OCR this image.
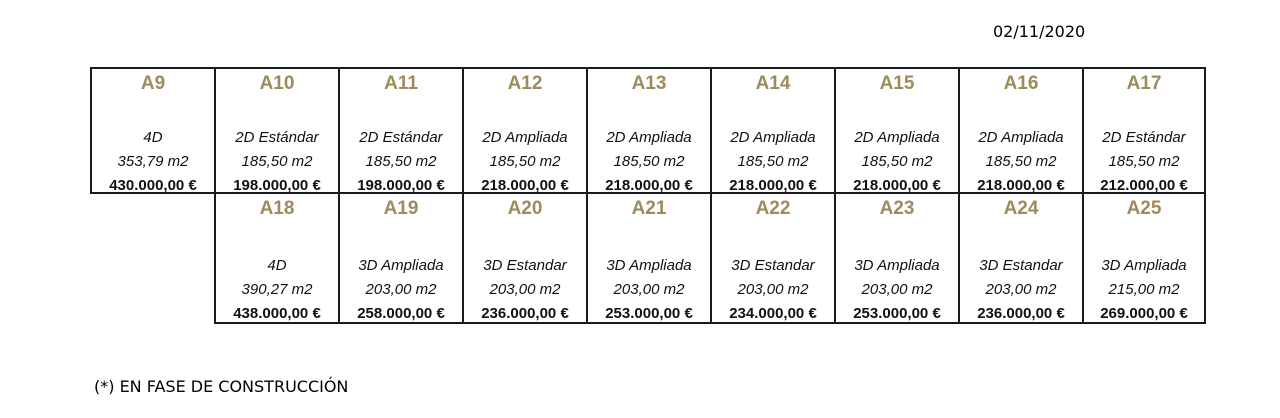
02/11/2020
A9
4D
353,79 m2
430.000,00 €
A10
2D Estándar
185,50 m2
198.000,00 €
A11
2D Estándar
185,50 m2
198.000,00 €
A12
2D Ampliada
185,50 m2
218.000,00 €
A13
2D Ampliada
185,50 m2
218.000,00 €
A14
2D Ampliada
185,50 m2
218.000,00 €
A15
2D Ampliada
185,50 m2
218.000,00 €
A16
2D Ampliada
185,50 m2
218.000,00 €
A17
2D Estándar
185,50 m2
212.000,00 €
A18
4D
390,27 m2
438.000,00 €
A19
3D Ampliada
203,00 m2
258.000,00 €
A20
3D Estandar
203,00 m2
236.000,00 €
A21
3D Ampliada
203,00 m2
253.000,00 €
A22
3D Estandar
203,00 m2
234.000,00 €
A23
3D Ampliada
203,00 m2
253.000,00 €
A24
3D Estandar
203,00 m2
236.000,00 €
A25
3D Ampliada
215,00 m2
269.000,00 €
(*) EN FASE DE CONSTRUCCIÓN
